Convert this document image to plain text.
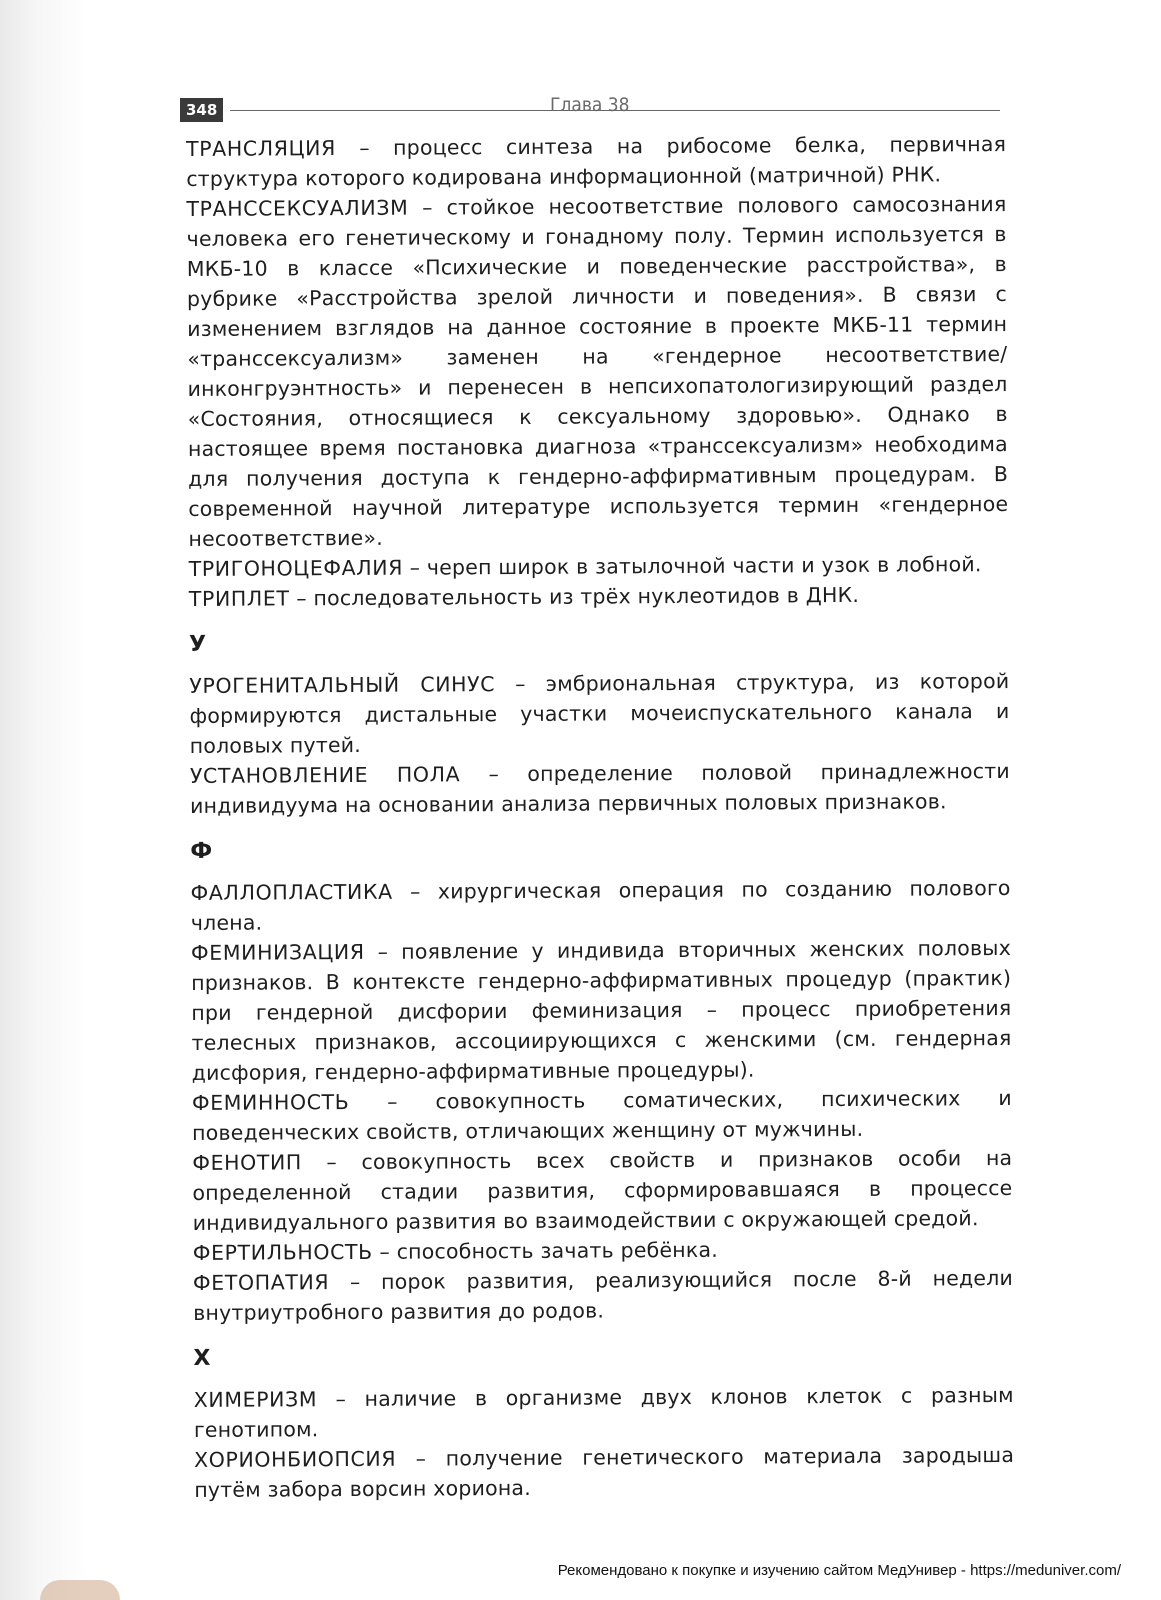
348	Глава 38
ТРАНСЛЯЦИЯ – процесс синтеза на рибосоме белка, первичная структура которого кодирована информационной (матричной) РНК.
ТРАНССЕКСУАЛИЗМ – стойкое несоответствие полового самосознания человека его генетическому и гонадному полу. Термин используется в МКБ-10 в классе «Психические и поведенческие расстройства», в рубрике «Расстройства зрелой личности и поведения». В связи с изменением взглядов на данное состояние в проекте МКБ-11 термин «транссексуализм» заменен на «гендерное несоответствие/инконгруэнтность» и перенесен в непсихопатологизирующий раздел «Состояния, относящиеся к сексуальному здоровью». Однако в настоящее время постановка диагноза «транссексуализм» необходима для получения доступа к гендерно-аффирмативным процедурам. В современной научной литературе используется термин «гендерное несоответствие».
ТРИГОНОЦЕФАЛИЯ – череп широк в затылочной части и узок в лобной.
ТРИПЛЕТ – последовательность из трёх нуклеотидов в ДНК.
У
УРОГЕНИТАЛЬНЫЙ СИНУС – эмбриональная структура, из которой формируются дистальные участки мочеиспускательного канала и половых путей.
УСТАНОВЛЕНИЕ ПОЛА – определение половой принадлежности индивидуума на основании анализа первичных половых признаков.
Ф
ФАЛЛОПЛАСТИКА – хирургическая операция по созданию полового члена.
ФЕМИНИЗАЦИЯ – появление у индивида вторичных женских половых признаков. В контексте гендерно-аффирмативных процедур (практик) при гендерной дисфории феминизация – процесс приобретения телесных признаков, ассоциирующихся с женскими (см. гендерная дисфория, гендерно-аффирмативные процедуры).
ФЕМИННОСТЬ – совокупность соматических, психических и поведенческих свойств, отличающих женщину от мужчины.
ФЕНОТИП – совокупность всех свойств и признаков особи на определенной стадии развития, сформировавшаяся в процессе индивидуального развития во взаимодействии с окружающей средой.
ФЕРТИЛЬНОСТЬ – способность зачать ребёнка.
ФЕТОПАТИЯ – порок развития, реализующийся после 8-й недели внутриутробного развития до родов.
Х
ХИМЕРИЗМ – наличие в организме двух клонов клеток с разным генотипом.
ХОРИОНБИОПСИЯ – получение генетического материала зародыша путём забора ворсин хориона.
Рекомендовано к покупке и изучению сайтом МедУнивер - https://meduniver.com/
